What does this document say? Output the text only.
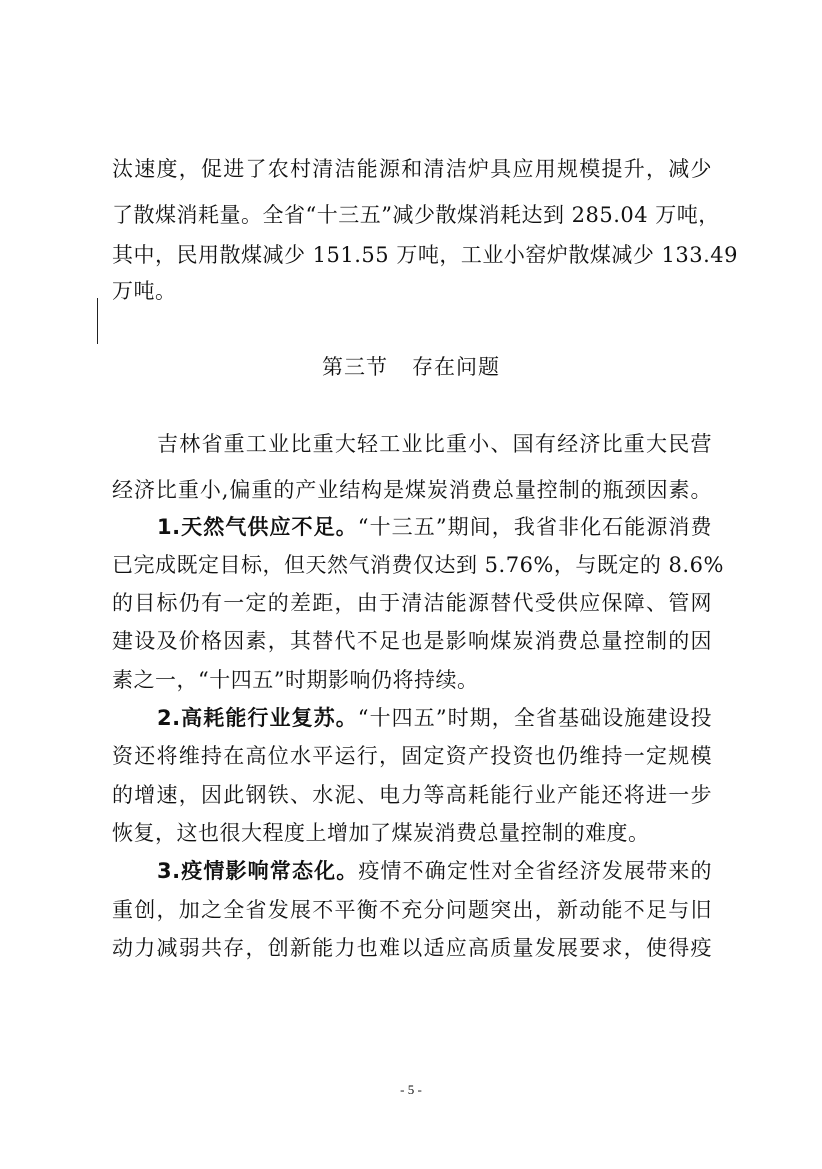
汰速度，促进了农村清洁能源和清洁炉具应用规模提升，减少
了散煤消耗量。全省“十三五”减少散煤消耗达到 285.04 万吨，
其中，民用散煤减少 151.55 万吨，工业小窑炉散煤减少 133.49
万吨。
第三节 存在问题
吉林省重工业比重大轻工业比重小、国有经济比重大民营
经济比重小,偏重的产业结构是煤炭消费总量控制的瓶颈因素。
1.天然气供应不足。“十三五”期间，我省非化石能源消费
已完成既定目标，但天然气消费仅达到 5.76%，与既定的 8.6%
的目标仍有一定的差距，由于清洁能源替代受供应保障、管网
建设及价格因素，其替代不足也是影响煤炭消费总量控制的因
素之一，“十四五”时期影响仍将持续。
2.高耗能行业复苏。“十四五”时期，全省基础设施建设投
资还将维持在高位水平运行，固定资产投资也仍维持一定规模
的增速，因此钢铁、水泥、电力等高耗能行业产能还将进一步
恢复，这也很大程度上增加了煤炭消费总量控制的难度。
3.疫情影响常态化。疫情不确定性对全省经济发展带来的
重创，加之全省发展不平衡不充分问题突出，新动能不足与旧
动力减弱共存，创新能力也难以适应高质量发展要求，使得疫
- 5 -
